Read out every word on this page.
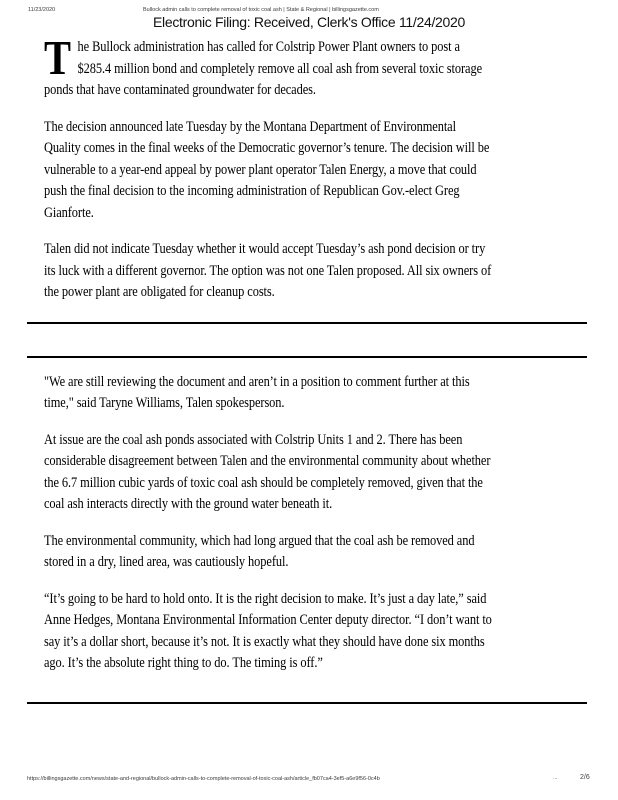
11/23/2020	Bullock admin calls to complete removal of toxic coal ash | State & Regional | billingsgazette.com
Electronic Filing: Received, Clerk's Office 11/24/2020

The Bullock administration has called for Colstrip Power Plant owners to post a $285.4 million bond and completely remove all coal ash from several toxic storage ponds that have contaminated groundwater for decades.

The decision announced late Tuesday by the Montana Department of Environmental Quality comes in the final weeks of the Democratic governor’s tenure. The decision will be vulnerable to a year-end appeal by power plant operator Talen Energy, a move that could push the final decision to the incoming administration of Republican Gov.-elect Greg Gianforte.

Talen did not indicate Tuesday whether it would accept Tuesday’s ash pond decision or try its luck with a different governor. The option was not one Talen proposed. All six owners of the power plant are obligated for cleanup costs.

"We are still reviewing the document and aren’t in a position to comment further at this time," said Taryne Williams, Talen spokesperson.

At issue are the coal ash ponds associated with Colstrip Units 1 and 2. There has been considerable disagreement between Talen and the environmental community about whether the 6.7 million cubic yards of toxic coal ash should be completely removed, given that the coal ash interacts directly with the ground water beneath it.

The environmental community, which had long argued that the coal ash be removed and stored in a dry, lined area, was cautiously hopeful.

“It’s going to be hard to hold onto. It is the right decision to make. It’s just a day late,” said Anne Hedges, Montana Environmental Information Center deputy director. “I don’t want to say it’s a dollar short, because it’s not. It is exactly what they should have done six months ago. It’s the absolute right thing to do. The timing is off.”

https://billingsgazette.com/news/state-and-regional/bullock-admin-calls-to-complete-removal-of-toxic-coal-ash/article_fb07ca4-3ef5-a6e9f56-0c4b	...	2/6
